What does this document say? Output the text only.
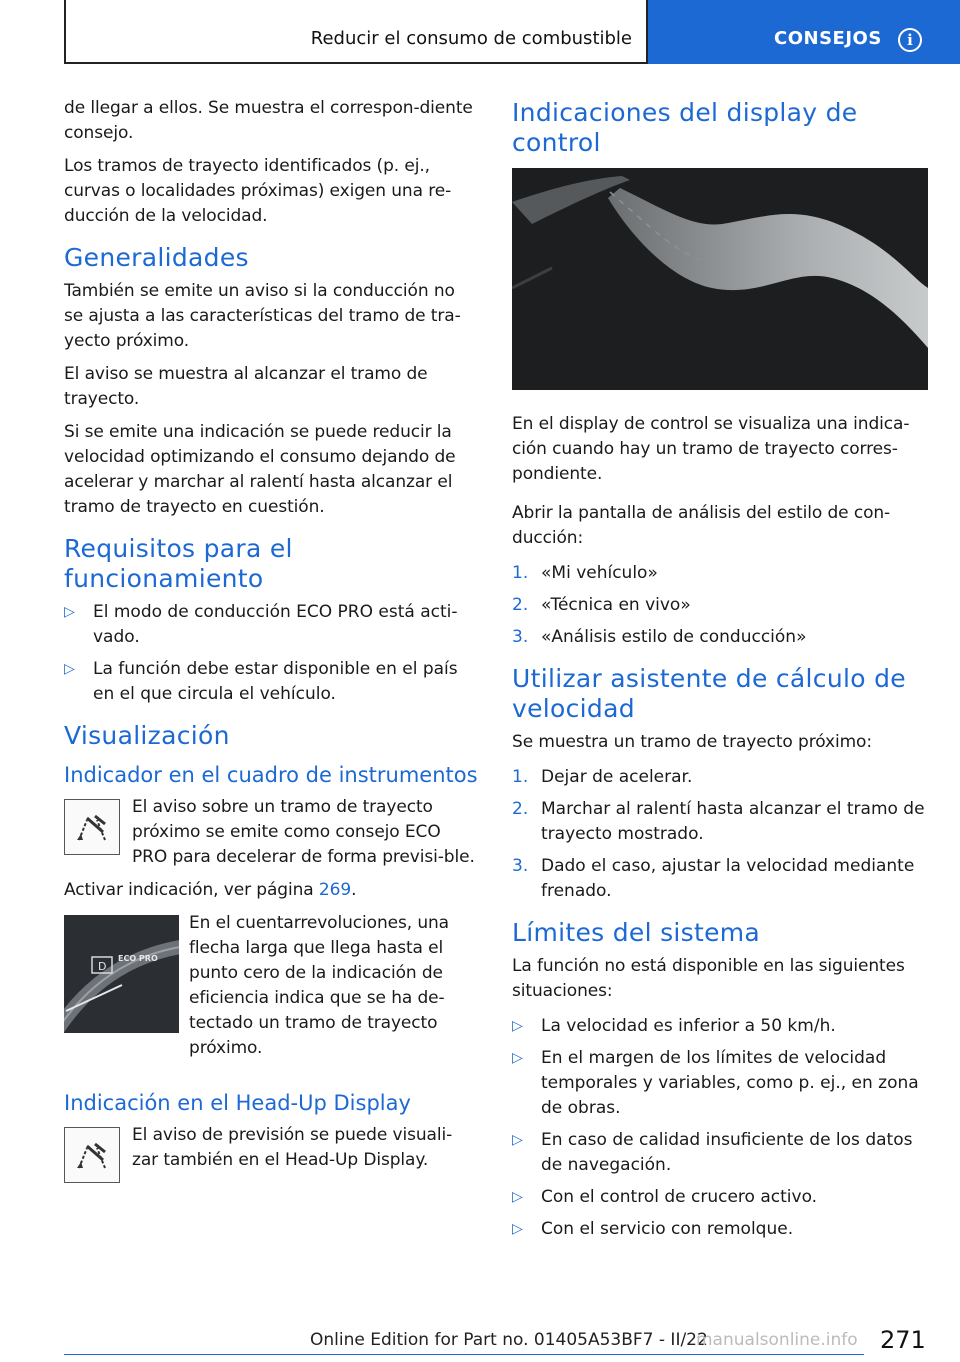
Reducir el consumo de combustible	CONSEJOS	i

de llegar a ellos. Se muestra el correspon-diente consejo.

Los tramos de trayecto identificados (p. ej., curvas o localidades próximas) exigen una re-ducción de la velocidad.

Generalidades

También se emite un aviso si la conducción no se ajusta a las características del tramo de tra-yecto próximo.

El aviso se muestra al alcanzar el tramo de trayecto.

Si se emite una indicación se puede reducir la velocidad optimizando el consumo dejando de acelerar y marchar al ralentí hasta alcanzar el tramo de trayecto en cuestión.

Requisitos para el funcionamiento
▷ El modo de conducción ECO PRO está acti-vado.
▷ La función debe estar disponible en el país en el que circula el vehículo.
Visualización
Indicador en el cuadro de instrumentos

El aviso sobre un tramo de trayecto próximo se emite como consejo ECO PRO para decelerar de forma previsi-ble.

Activar indicación, ver página 269.

D
ECO PRO

En el cuentarrevoluciones, una flecha larga que llega hasta el punto cero de la indicación de eficiencia indica que se ha de-tectado un tramo de trayecto próximo.

Indicación en el Head-Up Display

El aviso de previsión se puede visuali-zar también en el Head-Up Display.

Indicaciones del display de control

En el display de control se visualiza una indica-ción cuando hay un tramo de trayecto corres-pondiente.

Abrir la pantalla de análisis del estilo de con-ducción:

1. «Mi vehículo»
2. «Técnica en vivo»
3. «Análisis estilo de conducción»
Utilizar asistente de cálculo de velocidad

Se muestra un tramo de trayecto próximo:

1. Dejar de acelerar.
2. Marchar al ralentí hasta alcanzar el tramo de trayecto mostrado.
3. Dado el caso, ajustar la velocidad mediante frenado.
Límites del sistema

La función no está disponible en las siguientes situaciones:

▷ La velocidad es inferior a 50 km/h.
▷ En el margen de los límites de velocidad temporales y variables, como p. ej., en zona de obras.
▷ En caso de calidad insuficiente de los datos de navegación.
▷ Con el control de crucero activo.
▷ Con el servicio con remolque.
271
Online Edition for Part no. 01405A53BF7 - II/22
manualsonline.info
